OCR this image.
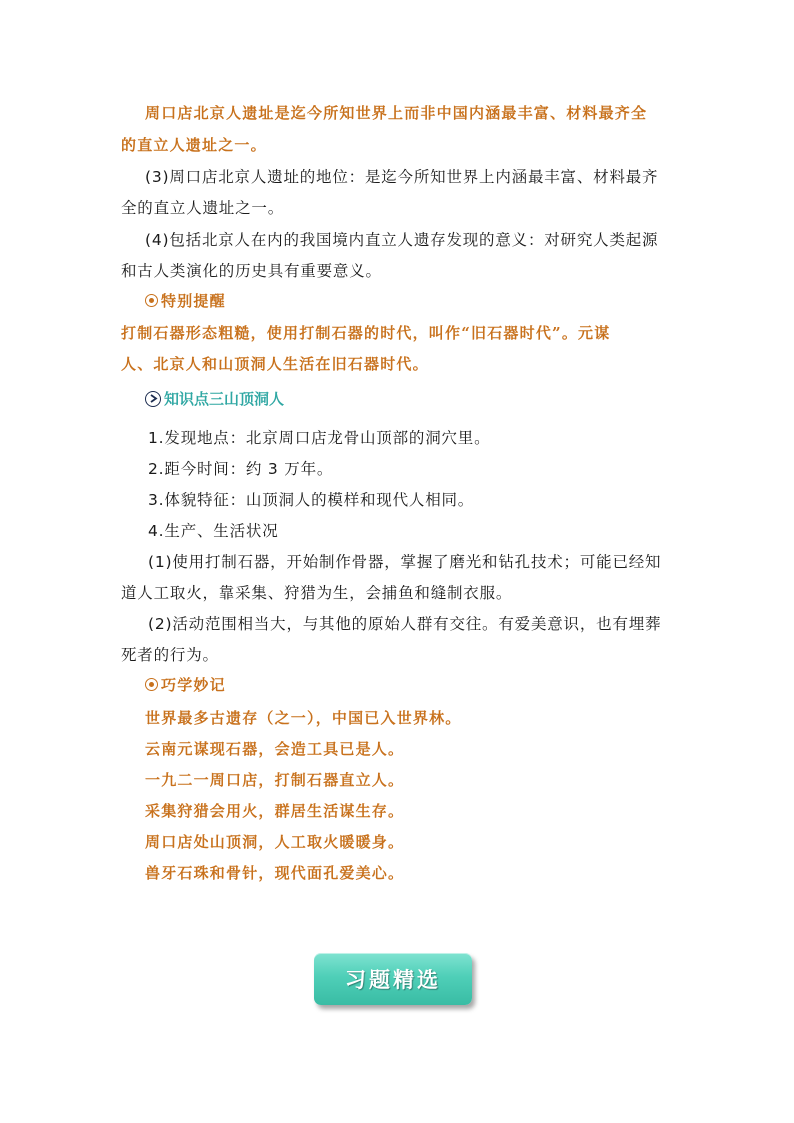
周口店北京人遗址是迄今所知世界上而非中国内涵最丰富、材料最齐全
的直立人遗址之一。
(3)周口店北京人遗址的地位：是迄今所知世界上内涵最丰富、材料最齐
全的直立人遗址之一。
(4)包括北京人在内的我国境内直立人遗存发现的意义：对研究人类起源
和古人类演化的历史具有重要意义。
特别提醒
打制石器形态粗糙，使用打制石器的时代，叫作“旧石器时代”。元谋
人、北京人和山顶洞人生活在旧石器时代。
知识点三山顶洞人
1.发现地点：北京周口店龙骨山顶部的洞穴里。
2.距今时间：约 3 万年。
3.体貌特征：山顶洞人的模样和现代人相同。
4.生产、生活状况
(1)使用打制石器，开始制作骨器，掌握了磨光和钻孔技术；可能已经知
道人工取火，靠采集、狩猎为生，会捕鱼和缝制衣服。
(2)活动范围相当大，与其他的原始人群有交往。有爱美意识，也有埋葬
死者的行为。
巧学妙记
世界最多古遗存（之一），中国已入世界林。
云南元谋现石器，会造工具已是人。
一九二一周口店，打制石器直立人。
采集狩猎会用火，群居生活谋生存。
周口店处山顶洞，人工取火暖暖身。
兽牙石珠和骨针，现代面孔爱美心。
习题精选
